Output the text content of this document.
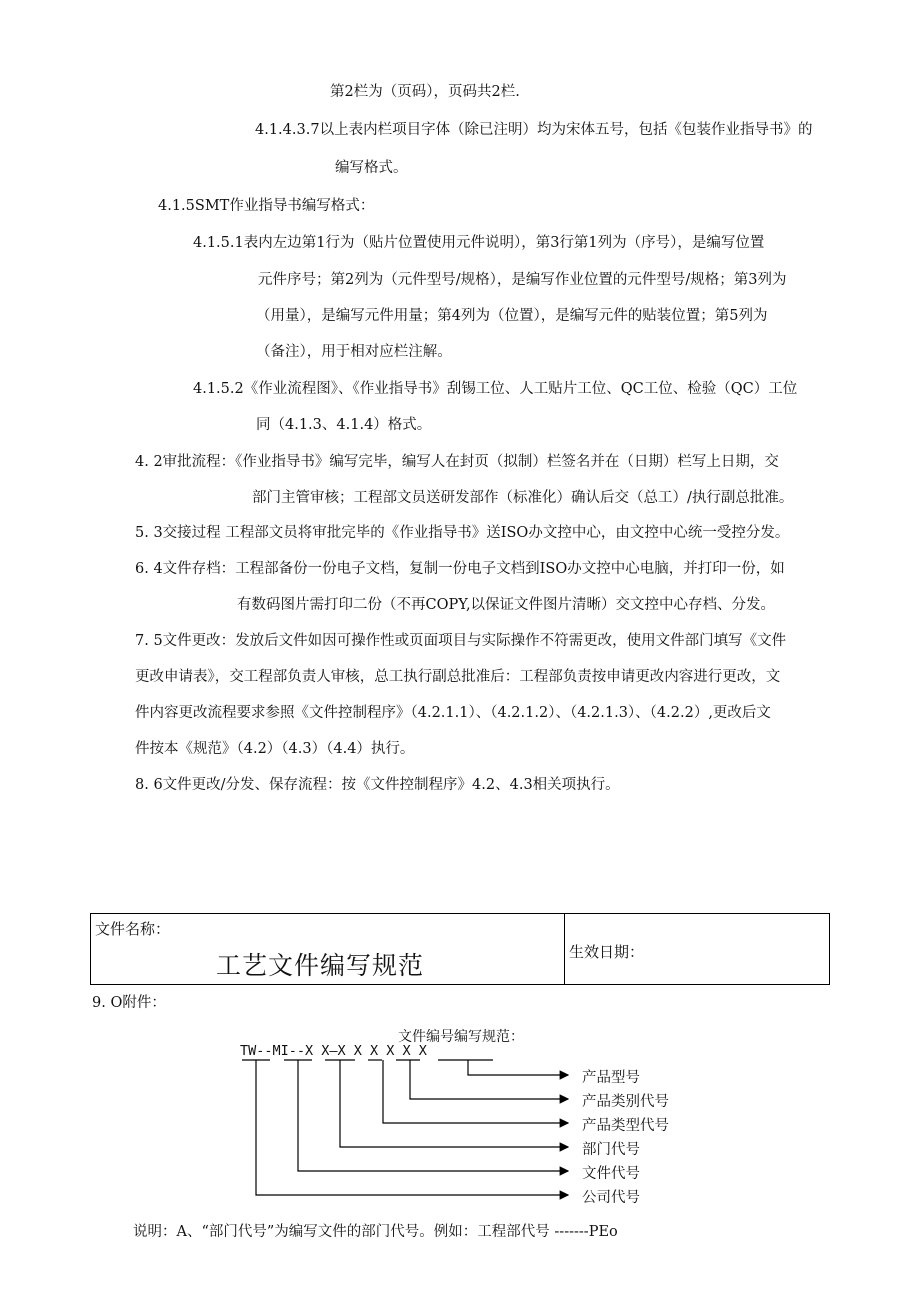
第2栏为（页码），页码共2栏.
4.1.4.3.7以上表内栏项目字体（除已注明）均为宋体五号，包括《包装作业指导书》的
编写格式。
4.1.5SMT作业指导书编写格式：
4.1.5.1表内左边第1行为（贴片位置使用元件说明），第3行第1列为（序号），是编写位置
元件序号；第2列为（元件型号/规格），是编写作业位置的元件型号/规格；第3列为
（用量），是编写元件用量；第4列为（位置），是编写元件的贴装位置；第5列为
（备注），用于相对应栏注解。
4.1.5.2《作业流程图》、《作业指导书》刮锡工位、人工贴片工位、QC工位、检验（QC）工位
同（4.1.3、4.1.4）格式。
4. 2审批流程：《作业指导书》编写完毕，编写人在封页（拟制）栏签名并在（日期）栏写上日期，交
部门主管审核；工程部文员送研发部作（标准化）确认后交（总工）/执行副总批准。
5. 3交接过程 工程部文员将审批完毕的《作业指导书》送ISO办文控中心，由文控中心统一受控分发。
6. 4文件存档：工程部备份一份电子文档，复制一份电子文档到ISO办文控中心电脑，并打印一份，如
有数码图片需打印二份（不再COPY,以保证文件图片清晰）交文控中心存档、分发。
7. 5文件更改：发放后文件如因可操作性或页面项目与实际操作不符需更改，使用文件部门填写《文件
更改申请表》，交工程部负责人审核，总工执行副总批准后：工程部负责按申请更改内容进行更改，文
件内容更改流程要求参照《文件控制程序》（4.2.1.1）、（4.2.1.2）、（4.2.1.3）、（4.2.2）,更改后文
件按本《规范》（4.2）（4.3）（4.4）执行。
8. 6文件更改/分发、保存流程：按《文件控制程序》4.2、4.3相关项执行。
文件名称：
工艺文件编写规范	生效日期：
9. O附件：
文件编号编写规范：
TW--MI--X X—X X X X X X
产品型号
产品类别代号
产品类型代号
部门代号
文件代号
公司代号
说明：A、“部门代号”为编写文件的部门代号。例如：工程部代号 -------PEo
